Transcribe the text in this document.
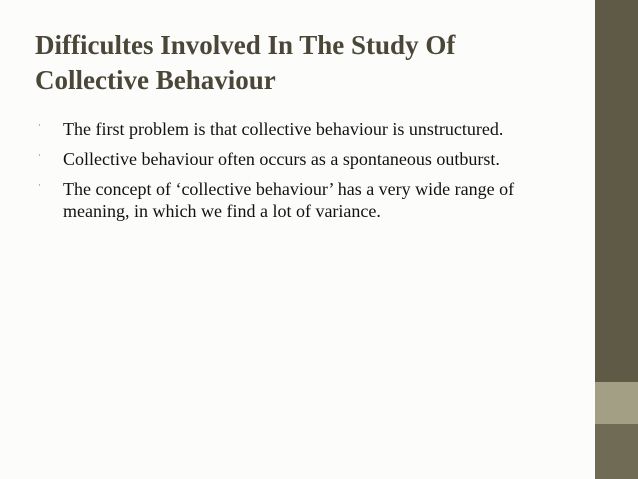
Difficultes Involved In The Study Of Collective Behaviour
· The first problem is that collective behaviour is unstructured.
· Collective behaviour often occurs as a spontaneous outburst.
· The concept of ‘collective behaviour’ has a very wide range of meaning, in which we find a lot of variance.
